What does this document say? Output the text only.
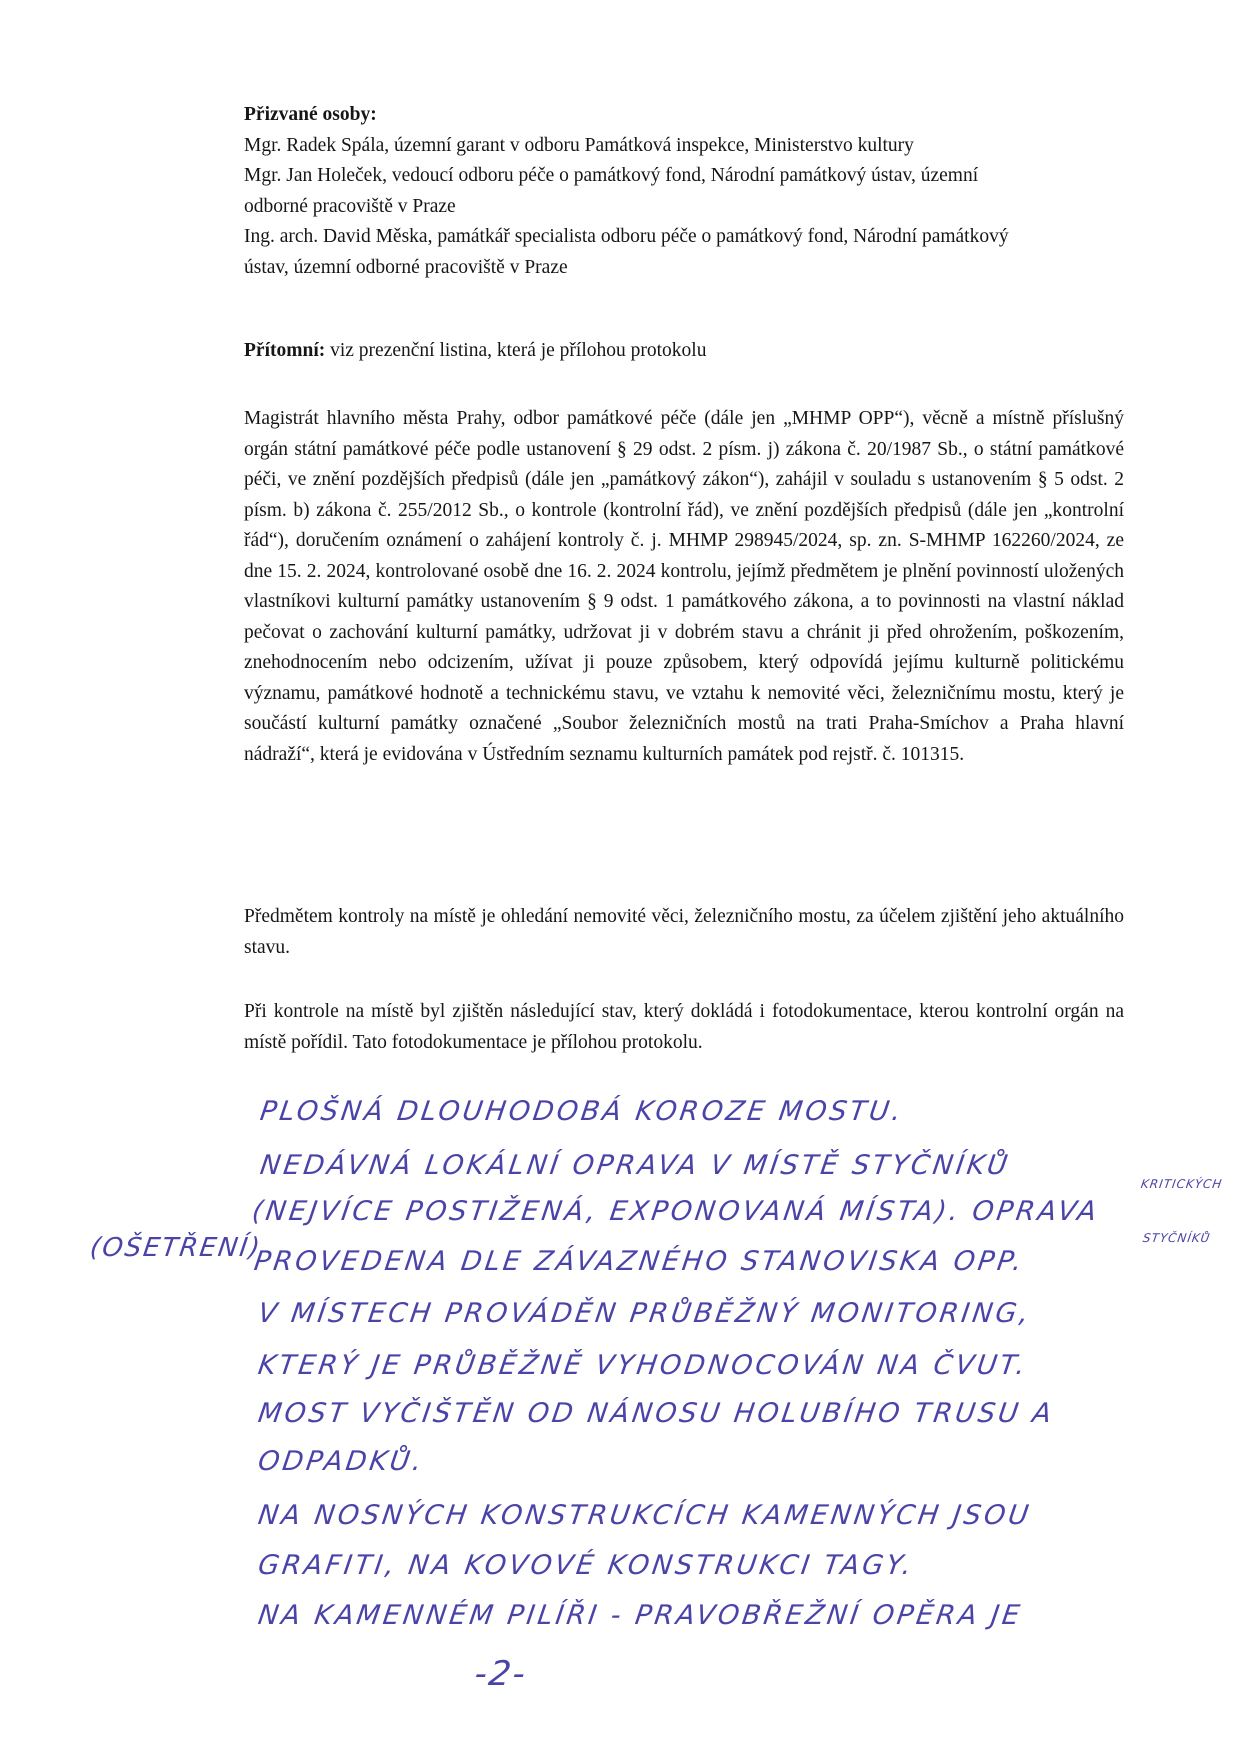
Přizvané osoby:

Mgr. Radek Spála, územní garant v odboru Památková inspekce, Ministerstvo kultury

Mgr. Jan Holeček, vedoucí odboru péče o památkový fond, Národní památkový ústav, územní

odborné pracoviště v Praze

Ing. arch. David Měska, památkář specialista odboru péče o památkový fond, Národní památkový

ústav, územní odborné pracoviště v Praze

Přítomní: viz prezenční listina, která je přílohou protokolu

Magistrát hlavního města Prahy, odbor památkové péče (dále jen „MHMP OPP“), věcně a místně příslušný orgán státní památkové péče podle ustanovení § 29 odst. 2 písm. j) zákona č. 20/1987 Sb., o státní památkové péči, ve znění pozdějších předpisů (dále jen „památkový zákon“), zahájil v souladu s ustanovením § 5 odst. 2 písm. b) zákona č. 255/2012 Sb., o kontrole (kontrolní řád), ve znění pozdějších předpisů (dále jen „kontrolní řád“), doručením oznámení o zahájení kontroly č. j. MHMP 298945/2024, sp. zn. S-MHMP 162260/2024, ze dne 15. 2. 2024, kontrolované osobě dne 16. 2. 2024 kontrolu, jejímž předmětem je plnění povinností uložených vlastníkovi kulturní památky ustanovením § 9 odst. 1 památkového zákona, a to povinnosti na vlastní náklad pečovat o zachování kulturní památky, udržovat ji v dobrém stavu a chránit ji před ohrožením, poškozením, znehodnocením nebo odcizením, užívat ji pouze způsobem, který odpovídá jejímu kulturně politickému významu, památkové hodnotě a technickému stavu, ve vztahu k nemovité věci, železničnímu mostu, který je součástí kulturní památky označené „Soubor železničních mostů na trati Praha-Smíchov a Praha hlavní nádraží“, která je evidována v Ústředním seznamu kulturních památek pod rejstř. č. 101315.

Předmětem kontroly na místě je ohledání nemovité věci, železničního mostu, za účelem zjištění jeho aktuálního stavu.

Při kontrole na místě byl zjištěn následující stav, který dokládá i fotodokumentace, kterou kontrolní orgán na místě pořídil. Tato fotodokumentace je přílohou protokolu.

PLOŠNÁ DLOUHODOBÁ KOROZE MOSTU.
NEDÁVNÁ LOKÁLNÍ OPRAVA V MÍSTĚ STYČNÍKŮ
(NEJVÍCE POSTIŽENÁ, EXPONOVANÁ MÍSTA). OPRAVA
PROVEDENA DLE ZÁVAZNÉHO STANOVISKA OPP.
V MÍSTECH PROVÁDĚN PRŮBĚŽNÝ MONITORING,
KTERÝ JE PRŮBĚŽNĚ VYHODNOCOVÁN NA ČVUT.
MOST VYČIŠTĚN OD NÁNOSU HOLUBÍHO TRUSU A
ODPADKŮ.
NA NOSNÝCH KONSTRUKCÍCH KAMENNÝCH JSOU
GRAFITI, NA KOVOVÉ KONSTRUKCI TAGY.
NA KAMENNÉM PILÍŘI - PRAVOBŘEŽNÍ OPĚRA JE
(OŠETŘENÍ)
KRITICKÝCH
STYČNÍKŮ
-2-
